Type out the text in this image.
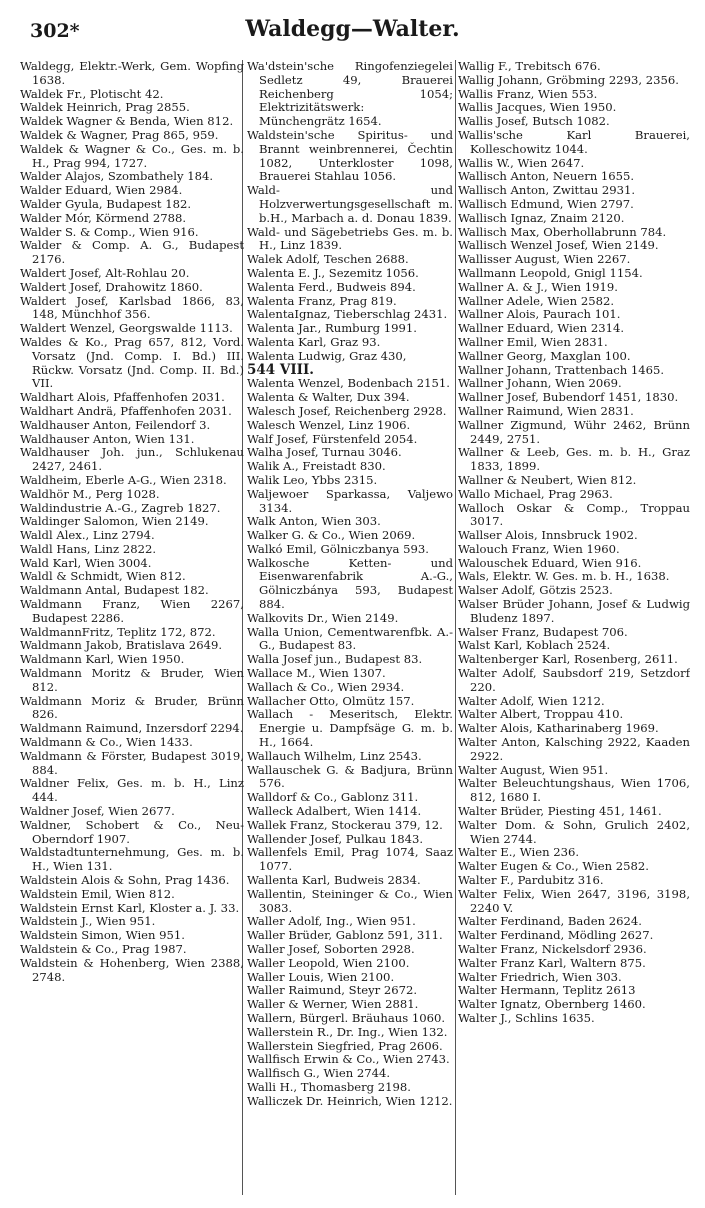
302*	Waldegg—Walter.
Waldegg, Elektr.-Werk, Gem. Wopfing 1638.
Waldek Fr., Plotischt 42.
Waldek Heinrich, Prag 2855.
Waldek Wagner & Benda, Wien 812.
Waldek & Wagner, Prag 865, 959.
Waldek & Wagner & Co., Ges. m. b. H., Prag 994, 1727.
Walder Alajos, Szombathely 184.
Walder Eduard, Wien 2984.
Walder Gyula, Budapest 182.
Walder Mór, Körmend 2788.
Walder S. & Comp., Wien 916.
Walder & Comp. A. G., Budapest 2176.
Waldert Josef, Alt-Rohlau 20.
Waldert Josef, Drahowitz 1860.
Waldert Josef, Karlsbad 1866, 83, 148, Münchhof 356.
Waldert Wenzel, Georgswalde 1113.
Waldes & Ko., Prag 657, 812, Vord. Vorsatz (Jnd. Comp. I. Bd.) III. Rückw. Vorsatz (Jnd. Comp. II. Bd.) VII.
Waldhart Alois, Pfaffenhofen 2031.
Waldhart Andrä, Pfaffenhofen 2031.
Waldhauser Anton, Feilendorf 3.
Waldhauser Anton, Wien 131.
Waldhauser Joh. jun., Schlukenau 2427, 2461.
Waldheim, Eberle A-G., Wien 2318.
Waldhör M., Perg 1028.
Waldindustrie A.-G., Zagreb 1827.
Waldinger Salomon, Wien 2149.
Waldl Alex., Linz 2794.
Waldl Hans, Linz 2822.
Wald Karl, Wien 3004.
Waldl & Schmidt, Wien 812.
Waldmann Antal, Budapest 182.
Waldmann Franz, Wien 2267, Budapest 2286.
WaldmannFritz, Teplitz 172, 872.
Waldmann Jakob, Bratislava 2649.
Waldmann Karl, Wien 1950.
Waldmann Moritz & Bruder, Wien 812.
Waldmann Moriz & Bruder, Brünn 826.
Waldmann Raimund, Inzersdorf 2294.
Waldmann & Co., Wien 1433.
Waldmann & Förster, Budapest 3019, 884.
Waldner Felix, Ges. m. b. H., Linz 444.
Waldner Josef, Wien 2677.
Waldner, Schobert & Co., Neu-Oberndorf 1907.
Waldstadtunternehmung, Ges. m. b. H., Wien 131.
Waldstein Alois & Sohn, Prag 1436.
Waldstein Emil, Wien 812.
Waldstein Ernst Karl, Kloster a. J. 33.
Waldstein J., Wien 951.
Waldstein Simon, Wien 951.
Waldstein & Co., Prag 1987.
Waldstein & Hohenberg, Wien 2388, 2748.
Wa'dstein'sche Ringofenziegelei Sedletz 49, Brauerei Reichenberg 1054; Elektrizitätswerk: Münchengrätz 1654.
Waldstein'sche Spiritus- und Brannt weinbrennerei, Čechtin 1082, Unterkloster 1098, Brauerei Stahlau 1056.
Wald- und Holzverwertungsgesellschaft m. b.H., Marbach a. d. Donau 1839.
Wald- und Sägebetriebs Ges. m. b. H., Linz 1839.
Walek Adolf, Teschen 2688.
Walenta E. J., Sezemitz 1056.
Walenta Ferd., Budweis 894.
Walenta Franz, Prag 819.
WalentaIgnaz, Tieberschlag 2431.
Walenta Jar., Rumburg 1991.
Walenta Karl, Graz 93.
Walenta Ludwig, Graz 430,
544 VIII.
Walenta Wenzel, Bodenbach 2151.
Walenta & Walter, Dux 394.
Walesch Josef, Reichenberg 2928.
Walesch Wenzel, Linz 1906.
Walf Josef, Fürstenfeld 2054.
Walha Josef, Turnau 3046.
Walik A., Freistadt 830.
Walik Leo, Ybbs 2315.
Waljewoer Sparkassa, Valjewo 3134.
Walk Anton, Wien 303.
Walker G. & Co., Wien 2069.
Walkó Emil, Gölniczbanya 593.
Walkosche Ketten- und Eisenwarenfabrik A.-G., Gölniczbánya 593, Budapest 884.
Walkovits Dr., Wien 2149.
Walla Union, Cementwarenfbk. A.-G., Budapest 83.
Walla Josef jun., Budapest 83.
Wallace M., Wien 1307.
Wallach & Co., Wien 2934.
Wallacher Otto, Olmütz 157.
Wallach - Meseritsch, Elektr. Energie u. Dampfsäge G. m. b. H., 1664.
Wallauch Wilhelm, Linz 2543.
Wallauschek G. & Badjura, Brünn 576.
Walldorf & Co., Gablonz 311.
Walleck Adalbert, Wien 1414.
Wallek Franz, Stockerau 379, 12.
Wallender Josef, Pulkau 1843.
Wallenfels Emil, Prag 1074, Saaz 1077.
Wallenta Karl, Budweis 2834.
Wallentin, Steininger & Co., Wien 3083.
Waller Adolf, Ing., Wien 951.
Waller Brüder, Gablonz 591, 311.
Waller Josef, Soborten 2928.
Waller Leopold, Wien 2100.
Waller Louis, Wien 2100.
Waller Raimund, Steyr 2672.
Waller & Werner, Wien 2881.
Wallern, Bürgerl. Bräuhaus 1060.
Wallerstein R., Dr. Ing., Wien 132.
Wallerstein Siegfried, Prag 2606.
Wallfisch Erwin & Co., Wien 2743.
Wallfisch G., Wien 2744.
Walli H., Thomasberg 2198.
Walliczek Dr. Heinrich, Wien 1212.
Wallig F., Trebitsch 676.
Wallig Johann, Gröbming 2293, 2356.
Wallis Franz, Wien 553.
Wallis Jacques, Wien 1950.
Wallis Josef, Butsch 1082.
Wallis'sche Karl Brauerei, Kolleschowitz 1044.
Wallis W., Wien 2647.
Wallisch Anton, Neuern 1655.
Wallisch Anton, Zwittau 2931.
Wallisch Edmund, Wien 2797.
Wallisch Ignaz, Znaim 2120.
Wallisch Max, Oberhollabrunn 784.
Wallisch Wenzel Josef, Wien 2149.
Wallisser August, Wien 2267.
Wallmann Leopold, Gnigl 1154.
Wallner A. & J., Wien 1919.
Wallner Adele, Wien 2582.
Wallner Alois, Paurach 101.
Wallner Eduard, Wien 2314.
Wallner Emil, Wien 2831.
Wallner Georg, Maxglan 100.
Wallner Johann, Trattenbach 1465.
Wallner Johann, Wien 2069.
Wallner Josef, Bubendorf 1451, 1830.
Wallner Raimund, Wien 2831.
Wallner Zigmund, Wühr 2462, Brünn 2449, 2751.
Wallner & Leeb, Ges. m. b. H., Graz 1833, 1899.
Wallner & Neubert, Wien 812.
Wallo Michael, Prag 2963.
Walloch Oskar & Comp., Troppau 3017.
Wallser Alois, Innsbruck 1902.
Walouch Franz, Wien 1960.
Walouschek Eduard, Wien 916.
Wals, Elektr. W. Ges. m. b. H., 1638.
Walser Adolf, Götzis 2523.
Walser Brüder Johann, Josef & Ludwig Bludenz 1897.
Walser Franz, Budapest 706.
Walst Karl, Koblach 2524.
Waltenberger Karl, Rosenberg, 2611.
Walter Adolf, Saubsdorf 219, Setzdorf 220.
Walter Adolf, Wien 1212.
Walter Albert, Troppau 410.
Walter Alois, Katharinaberg 1969.
Walter Anton, Kalsching 2922, Kaaden 2922.
Walter August, Wien 951.
Walter Beleuchtungshaus, Wien 1706, 812, 1680 I.
Walter Brüder, Piesting 451, 1461.
Walter Dom. & Sohn, Grulich 2402, Wien 2744.
Walter E., Wien 236.
Walter Eugen & Co., Wien 2582.
Walter F., Pardubitz 316.
Walter Felix, Wien 2647, 3196, 3198, 2240 V.
Walter Ferdinand, Baden 2624.
Walter Ferdinand, Mödling 2627.
Walter Franz, Nickelsdorf 2936.
Walter Franz Karl, Waltern 875.
Walter Friedrich, Wien 303.
Walter Hermann, Teplitz 2613
Walter Ignatz, Obernberg 1460.
Walter J., Schlins 1635.
